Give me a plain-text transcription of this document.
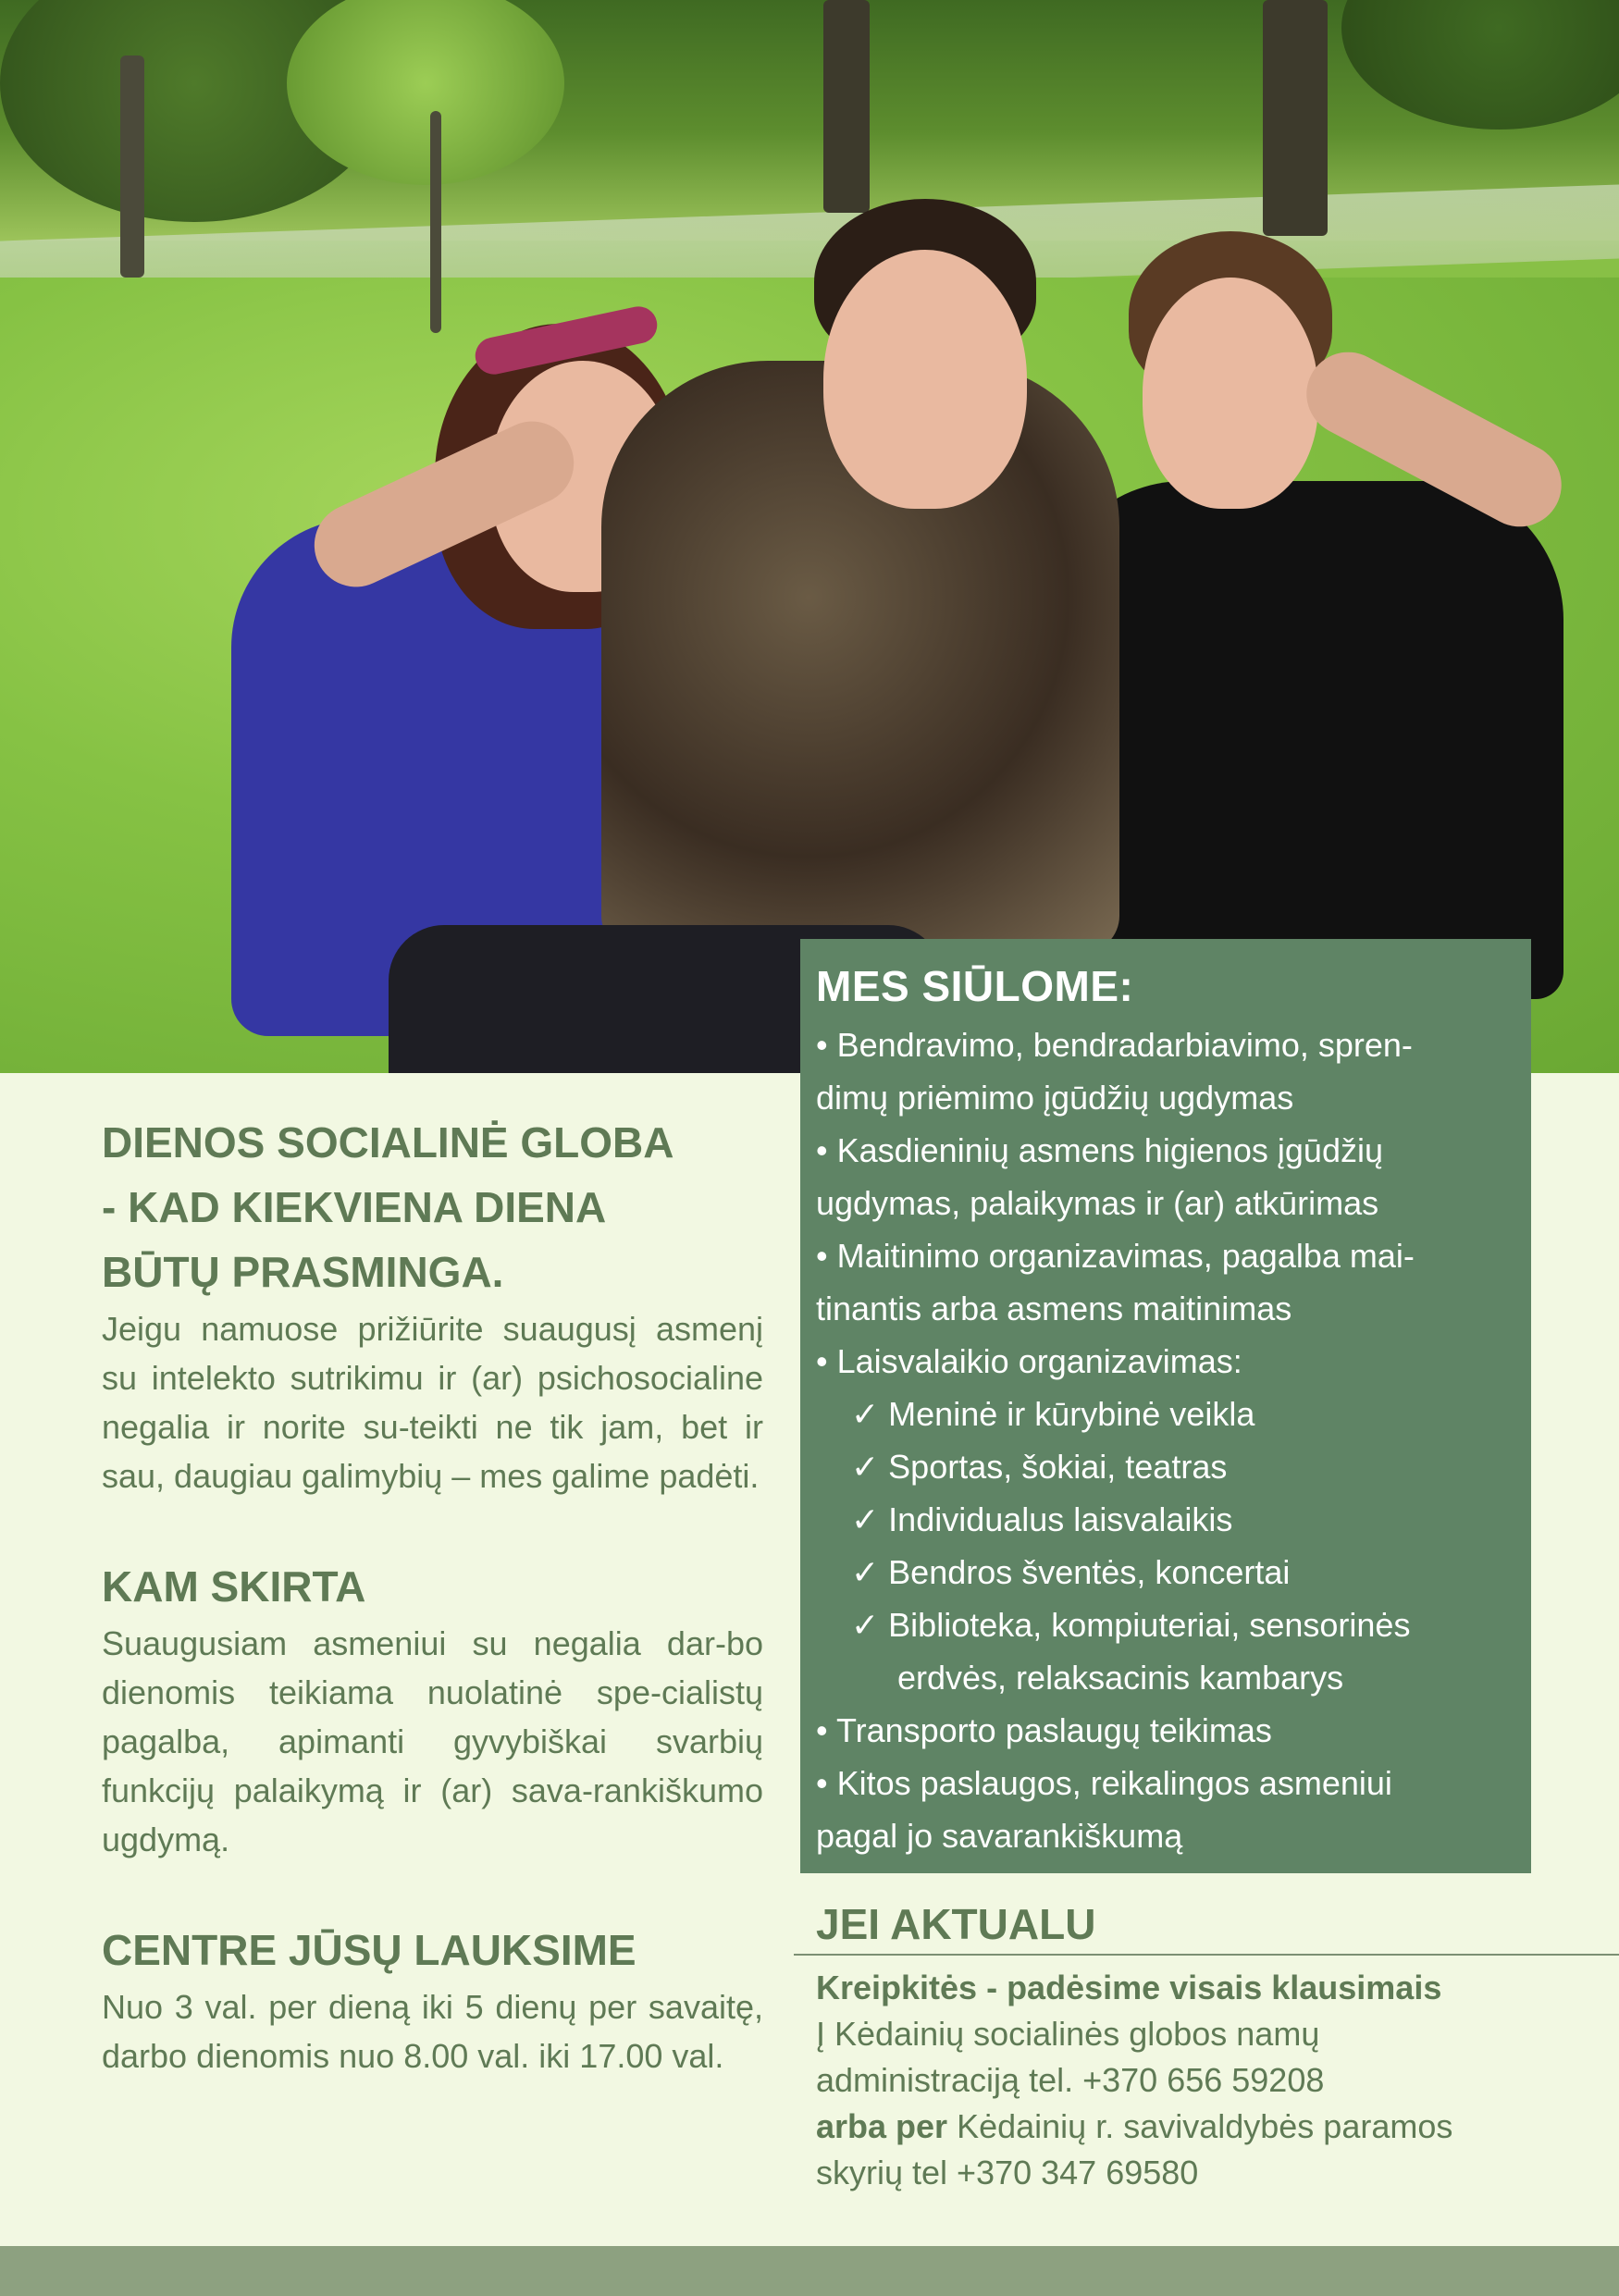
MES SIŪLOME:
• Bendravimo, bendradarbiavimo, spren-
dimų priėmimo įgūdžių ugdymas
• Kasdieninių asmens higienos įgūdžių
ugdymas, palaikymas ir (ar) atkūrimas
• Maitinimo organizavimas, pagalba mai-
tinantis arba asmens maitinimas
• Laisvalaikio organizavimas:
✓ Meninė ir kūrybinė veikla
✓ Sportas, šokiai, teatras
✓ Individualus laisvalaikis
✓ Bendros šventės, koncertai
✓ Biblioteka, kompiuteriai, sensorinės
erdvės, relaksacinis kambarys
• Transporto paslaugų teikimas
• Kitos paslaugos, reikalingos asmeniui
pagal jo savarankiškumą
DIENOS SOCIALINĖ GLOBA
- KAD KIEKVIENA DIENA
BŪTŲ PRASMINGA.

Jeigu namuose prižiūrite suaugusį asmenį su intelekto sutrikimu ir (ar) psichosocialine negalia ir norite su-teikti ne tik jam, bet ir sau, daugiau galimybių – mes galime padėti.

KAM SKIRTA

Suaugusiam asmeniui su negalia dar-bo dienomis teikiama nuolatinė spe-cialistų pagalba, apimanti gyvybiškai svarbių funkcijų palaikymą ir (ar) sava-rankiškumo ugdymą.

CENTRE JŪSŲ LAUKSIME

Nuo 3 val. per dieną iki 5 dienų per savaitę, darbo dienomis nuo 8.00 val. iki 17.00 val.

JEI AKTUALU

Kreipkitės - padėsime visais klausimais

Į Kėdainių socialinės globos namų

administraciją tel. +370 656 59208

arba per Kėdainių r. savivaldybės paramos

skyrių tel +370 347 69580
